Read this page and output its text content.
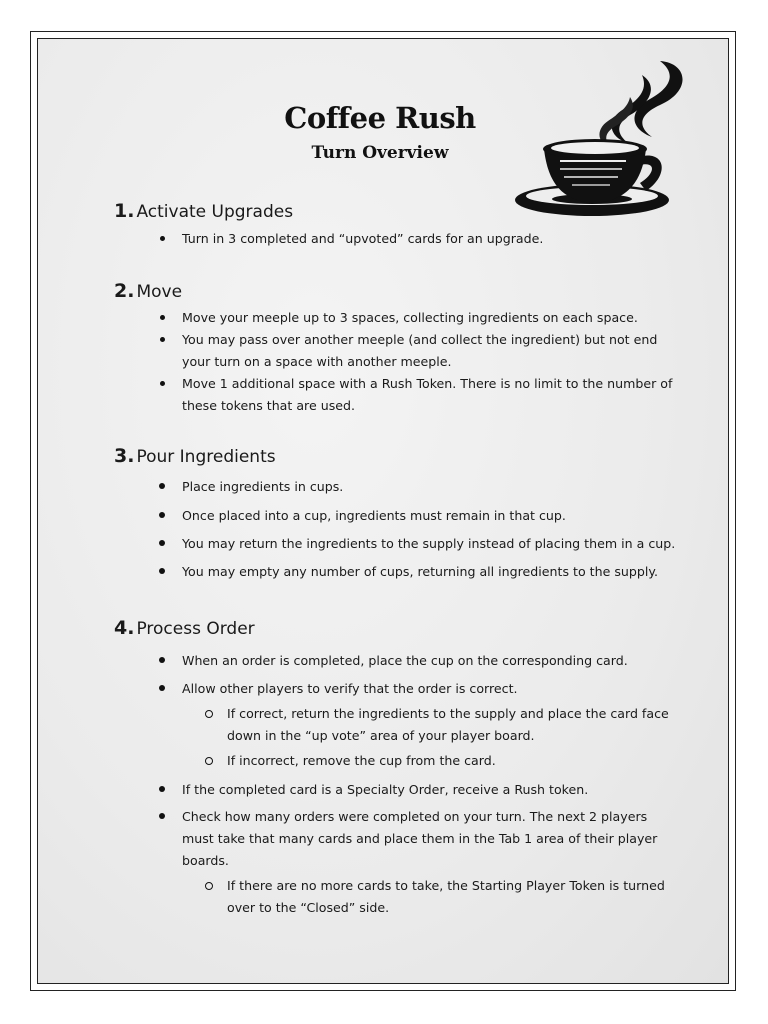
Coffee Rush
Turn Overview
1. Activate Upgrades
Turn in 3 completed and “upvoted” cards for an upgrade.
2. Move
Move your meeple up to 3 spaces, collecting ingredients on each space.
You may pass over another meeple (and collect the ingredient) but not end your turn on a space with another meeple.
Move 1 additional space with a Rush Token. There is no limit to the number of these tokens that are used.
3. Pour Ingredients
Place ingredients in cups.
Once placed into a cup, ingredients must remain in that cup.
You may return the ingredients to the supply instead of placing them in a cup.
You may empty any number of cups, returning all ingredients to the supply.
4. Process Order
When an order is completed, place the cup on the corresponding card.
Allow other players to verify that the order is correct.
If correct, return the ingredients to the supply and place the card face down in the “up vote” area of your player board.
If incorrect, remove the cup from the card.
If the completed card is a Specialty Order, receive a Rush token.
Check how many orders were completed on your turn. The next 2 players must take that many cards and place them in the Tab 1 area of their player boards.
If there are no more cards to take, the Starting Player Token is turned over to the “Closed” side.
